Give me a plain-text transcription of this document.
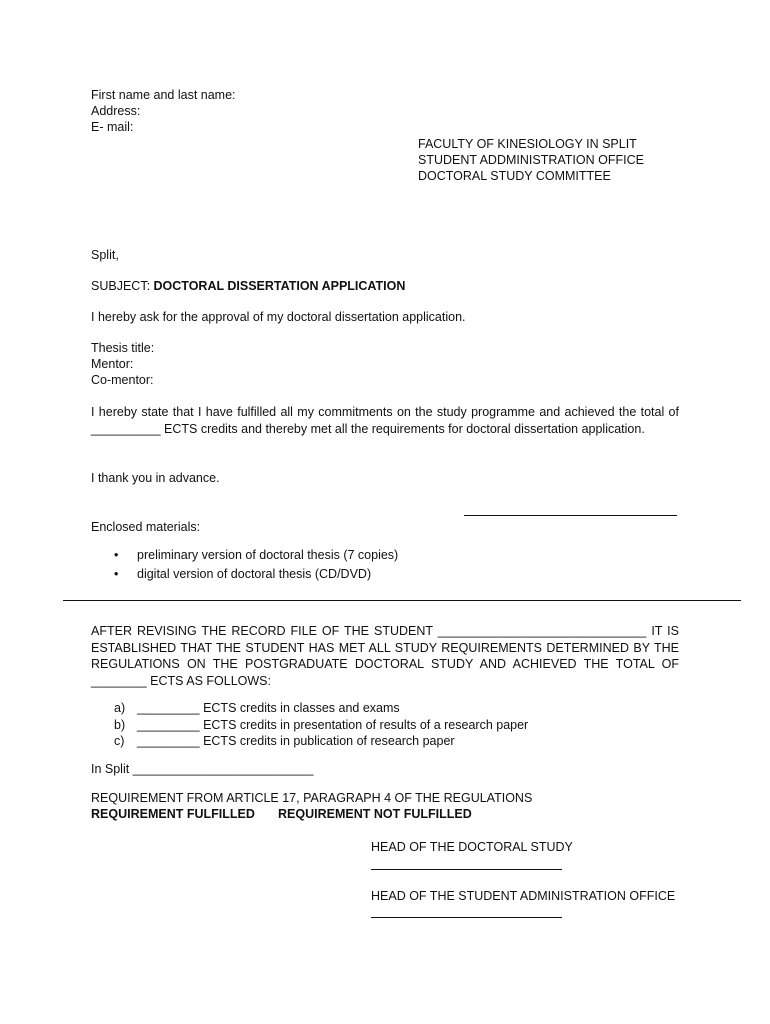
First name and last name:
Address:
E- mail:
FACULTY OF KINESIOLOGY IN SPLIT
STUDENT ADDMINISTRATION OFFICE
DOCTORAL STUDY COMMITTEE
Split,
SUBJECT: DOCTORAL DISSERTATION APPLICATION
I hereby ask for the approval of my doctoral dissertation application.
Thesis title:
Mentor:
Co-mentor:
I hereby state that I have fulfilled all my commitments on the study programme and achieved the total of __________ ECTS credits and thereby met all the requirements for doctoral dissertation application.
I thank you in advance.
Enclosed materials:
• preliminary version of doctoral thesis (7 copies)
• digital version of doctoral thesis (CD/DVD)
AFTER REVISING THE RECORD FILE OF THE STUDENT ______________________________ IT IS ESTABLISHED THAT THE STUDENT HAS MET ALL STUDY REQUIREMENTS DETERMINED BY THE REGULATIONS ON THE POSTGRADUATE DOCTORAL STUDY AND ACHIEVED THE TOTAL OF ________ ECTS AS FOLLOWS:
a) _________ ECTS credits in classes and exams
b) _________ ECTS credits in presentation of results of a research paper
c) _________ ECTS credits in publication of research paper
In Split __________________________
REQUIREMENT FROM ARTICLE 17, PARAGRAPH 4 OF THE REGULATIONS
REQUIREMENT FULFILLED REQUIREMENT NOT FULFILLED
HEAD OF THE DOCTORAL STUDY
HEAD OF THE STUDENT ADMINISTRATION OFFICE
